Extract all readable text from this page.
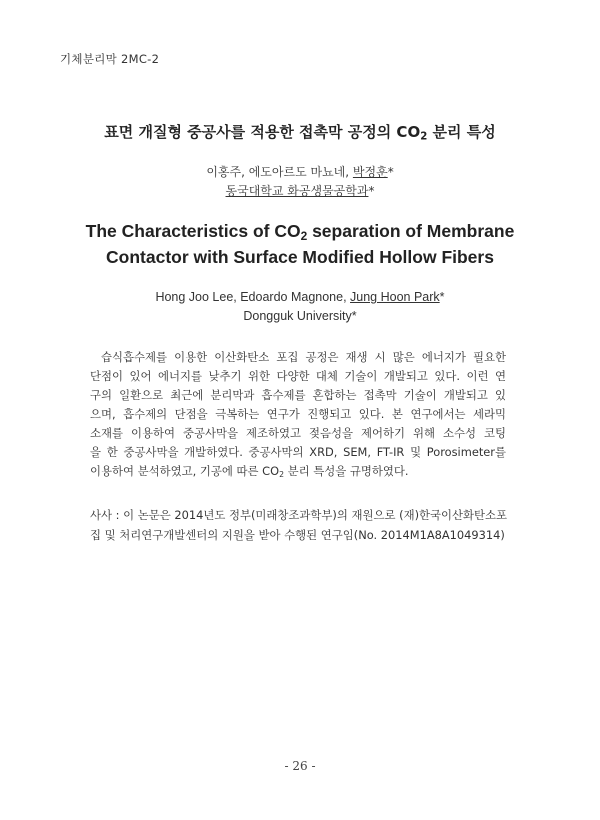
기체분리막 2MC-2
표면 개질형 중공사를 적용한 접촉막 공정의 $CO_2$ 분리 특성
이홍주, 에도아르도 마뇨네, 박정훈*
동국대학교 화공생물공학과*
The Characteristics of $CO_2$ separation of Membrane
Contactor with Surface Modified Hollow Fibers
Hong Joo Lee, Edoardo Magnone, Jung Hoon Park*
Dongguk University*
습식흡수제를 이용한 이산화탄소 포집 공정은 재생 시 많은 에너지가 필요한
단점이 있어 에너지를 낮추기 위한 다양한 대체 기술이 개발되고 있다. 이런 연
구의 일환으로 최근에 분리막과 흡수제를 혼합하는 접촉막 기술이 개발되고 있
으며, 흡수제의 단점을 극복하는 연구가 진행되고 있다. 본 연구에서는 세라믹
소재를 이용하여 중공사막을 제조하였고 젖음성을 제어하기 위해 소수성 코팅
을 한 중공사막을 개발하였다. 중공사막의 XRD, SEM, FT-IR 및 Porosimeter를
이용하여 분석하였고, 기공에 따른 $CO_2$ 분리 특성을 규명하였다.
사사 : 이 논문은 2014년도 정부(미래창조과학부)의 재원으로 (재)한국이산화탄소포
집 및 처리연구개발센터의 지원을 받아 수행된 연구임(No. 2014M1A8A1049314)
- 26 -
